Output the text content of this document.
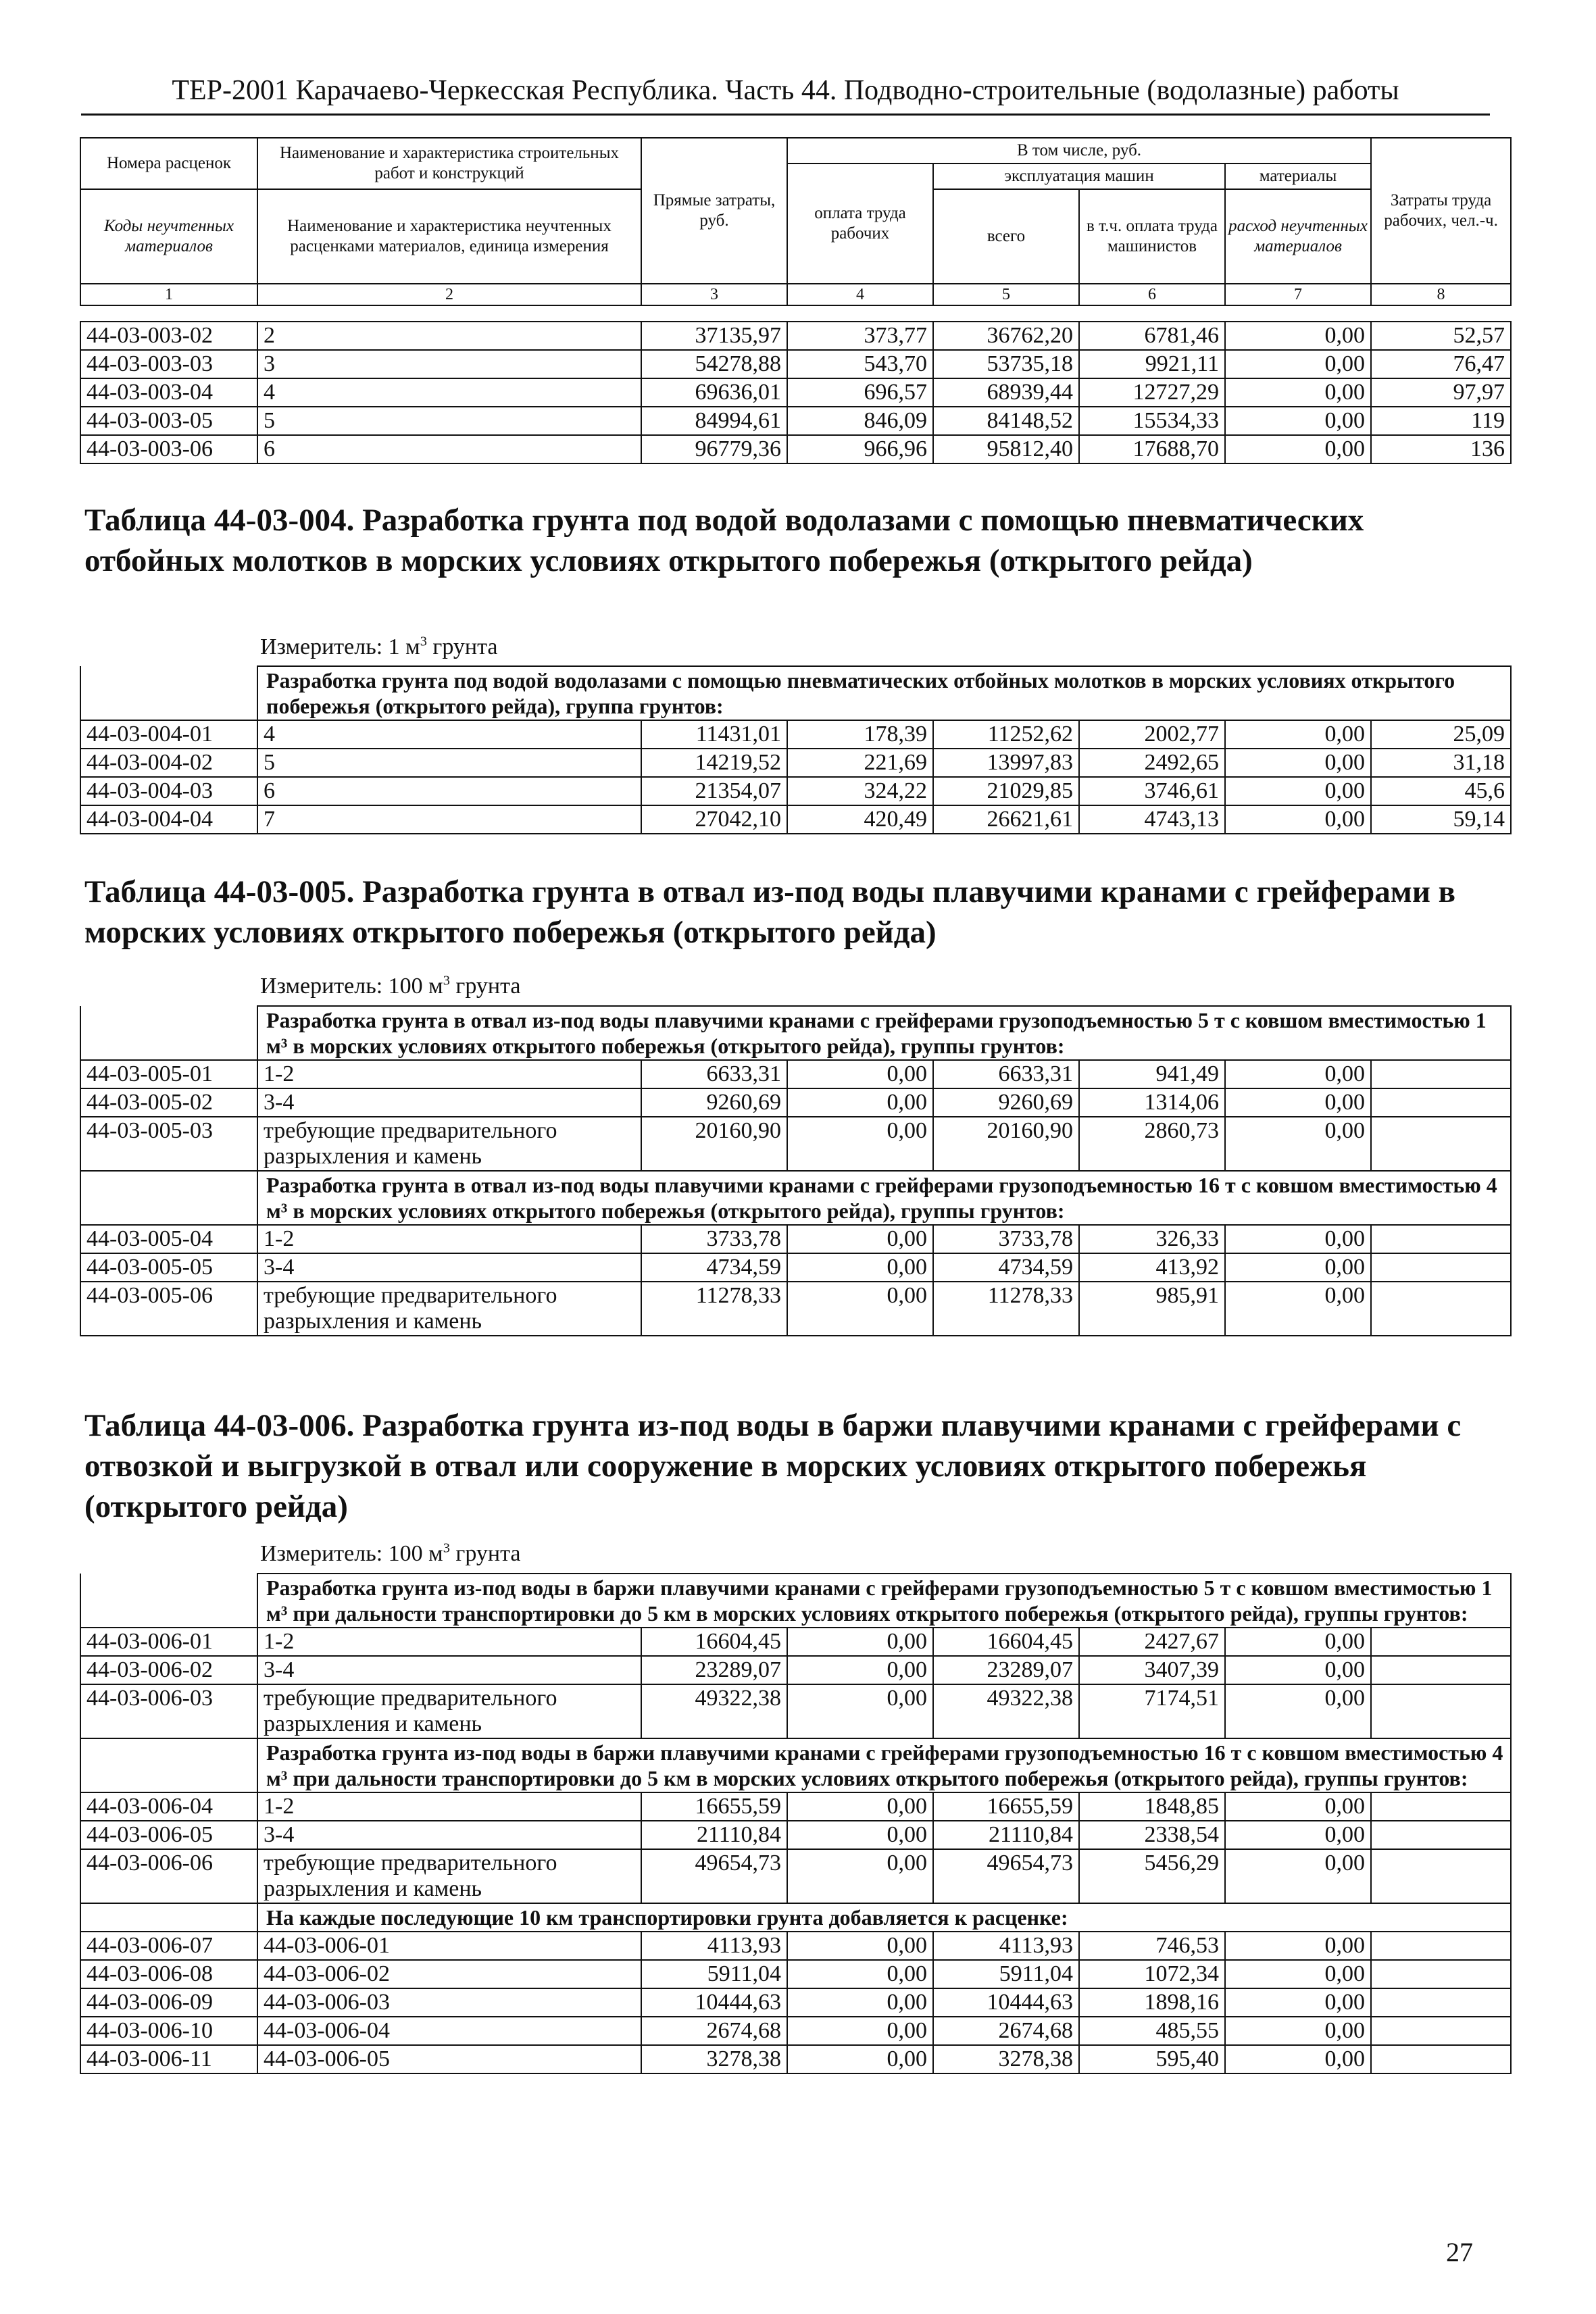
ТЕР-2001 Карачаево-Черкесская Республика. Часть 44. Подводно-строительные (водолазные) работы
Номера расценок	Наименование и характеристика строительных работ и конструкций	Прямые затраты, руб.	В том числе, руб.				Затраты труда рабочих, чел.-ч.
			оплата труда рабочих	эксплуатация машин		материалы	
Коды неучтенных материалов	Наименование и характеристика неучтенных расценками материалов, единица измерения			всего	в т.ч. оплата труда машинистов	расход неучтенных материалов	

1	2	3	4	5	6	7	8
44-03-003-02	2	37135,97	373,77	36762,20	6781,46	0,00	52,57
44-03-003-03	3	54278,88	543,70	53735,18	9921,11	0,00	76,47
44-03-003-04	4	69636,01	696,57	68939,44	12727,29	0,00	97,97
44-03-003-05	5	84994,61	846,09	84148,52	15534,33	0,00	119
44-03-003-06	6	96779,36	966,96	95812,40	17688,70	0,00	136
Таблица 44-03-004. Разработка грунта под водой водолазами с помощью пневматических отбойных молотков в морских условиях открытого побережья (открытого рейда)
Измеритель: 1 $м^3$ грунта
	Разработка грунта под водой водолазами с помощью пневматических отбойных молотков в морских условиях открытого побережья (открытого рейда), группа грунтов:						
44-03-004-01	4	11431,01	178,39	11252,62	2002,77	0,00	25,09
44-03-004-02	5	14219,52	221,69	13997,83	2492,65	0,00	31,18
44-03-004-03	6	21354,07	324,22	21029,85	3746,61	0,00	45,6
44-03-004-04	7	27042,10	420,49	26621,61	4743,13	0,00	59,14
Таблица 44-03-005. Разработка грунта в отвал из-под воды плавучими кранами с грейферами в морских условиях открытого побережья (открытого рейда)
Измеритель: 100 $м^3$ грунта
	Разработка грунта в отвал из-под воды плавучими кранами с грейферами грузоподъемностью 5 т с ковшом вместимостью 1 м³ в морских условиях открытого побережья (открытого рейда), группы грунтов:						
44-03-005-01	1-2	6633,31	0,00	6633,31	941,49	0,00	
44-03-005-02	3-4	9260,69	0,00	9260,69	1314,06	0,00	
44-03-005-03	требующие предварительного разрыхления и камень	20160,90	0,00	20160,90	2860,73	0,00	
	Разработка грунта в отвал из-под воды плавучими кранами с грейферами грузоподъемностью 16 т с ковшом вместимостью 4 м³ в морских условиях открытого побережья (открытого рейда), группы грунтов:						
44-03-005-04	1-2	3733,78	0,00	3733,78	326,33	0,00	
44-03-005-05	3-4	4734,59	0,00	4734,59	413,92	0,00	
44-03-005-06	требующие предварительного разрыхления и камень	11278,33	0,00	11278,33	985,91	0,00	
Таблица 44-03-006. Разработка грунта из-под воды в баржи плавучими кранами с грейферами с отвозкой и выгрузкой в отвал или сооружение в морских условиях открытого побережья (открытого рейда)
Измеритель: 100 $м^3$ грунта
	Разработка грунта из-под воды в баржи плавучими кранами с грейферами грузоподъемностью 5 т с ковшом вместимостью 1 м³ при дальности транспортировки до 5 км в морских условиях открытого побережья (открытого рейда), группы грунтов:						
44-03-006-01	1-2	16604,45	0,00	16604,45	2427,67	0,00	
44-03-006-02	3-4	23289,07	0,00	23289,07	3407,39	0,00	
44-03-006-03	требующие предварительного разрыхления и камень	49322,38	0,00	49322,38	7174,51	0,00	
	Разработка грунта из-под воды в баржи плавучими кранами с грейферами грузоподъемностью 16 т с ковшом вместимостью 4 м³ при дальности транспортировки до 5 км в морских условиях открытого побережья (открытого рейда), группы грунтов:						
44-03-006-04	1-2	16655,59	0,00	16655,59	1848,85	0,00	
44-03-006-05	3-4	21110,84	0,00	21110,84	2338,54	0,00	
44-03-006-06	требующие предварительного разрыхления и камень	49654,73	0,00	49654,73	5456,29	0,00	
	На каждые последующие 10 км транспортировки грунта добавляется к расценке:						
44-03-006-07	44-03-006-01	4113,93	0,00	4113,93	746,53	0,00	
44-03-006-08	44-03-006-02	5911,04	0,00	5911,04	1072,34	0,00	
44-03-006-09	44-03-006-03	10444,63	0,00	10444,63	1898,16	0,00	
44-03-006-10	44-03-006-04	2674,68	0,00	2674,68	485,55	0,00	
44-03-006-11	44-03-006-05	3278,38	0,00	3278,38	595,40	0,00	
27
